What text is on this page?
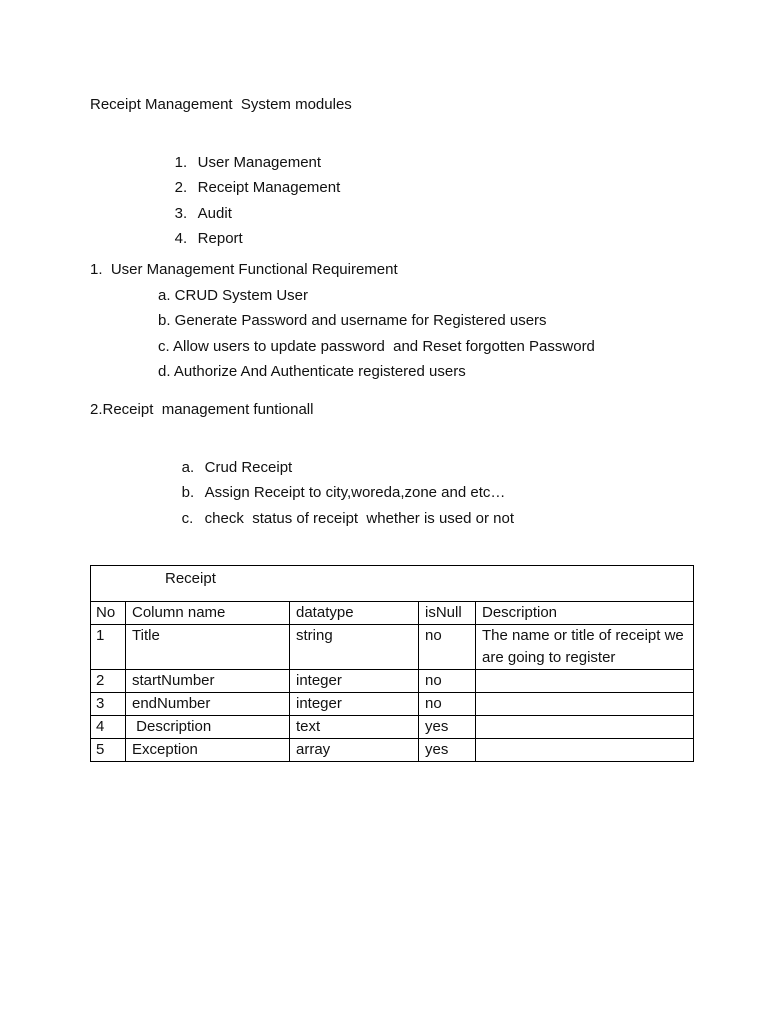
Receipt Management  System modules

1. User Management

2. Receipt Management

3. Audit

4. Report

1.  User Management Functional Requirement
a. CRUD System User
b. Generate Password and username for Registered users
c. Allow users to update password  and Reset forgotten Password
d. Authorize And Authenticate registered users
2.Receipt  management funtionall

a. Crud Receipt

b. Assign Receipt to city,woreda,zone and etc…

c. check  status of receipt  whether is used or not

Receipt				
No	Column name	datatype	isNull	Description
1	Title	string	no	The name or title of receipt we are going to register
2	startNumber	integer	no	
3	endNumber	integer	no	
4	Description	text	yes	
5	Exception	array	yes	
